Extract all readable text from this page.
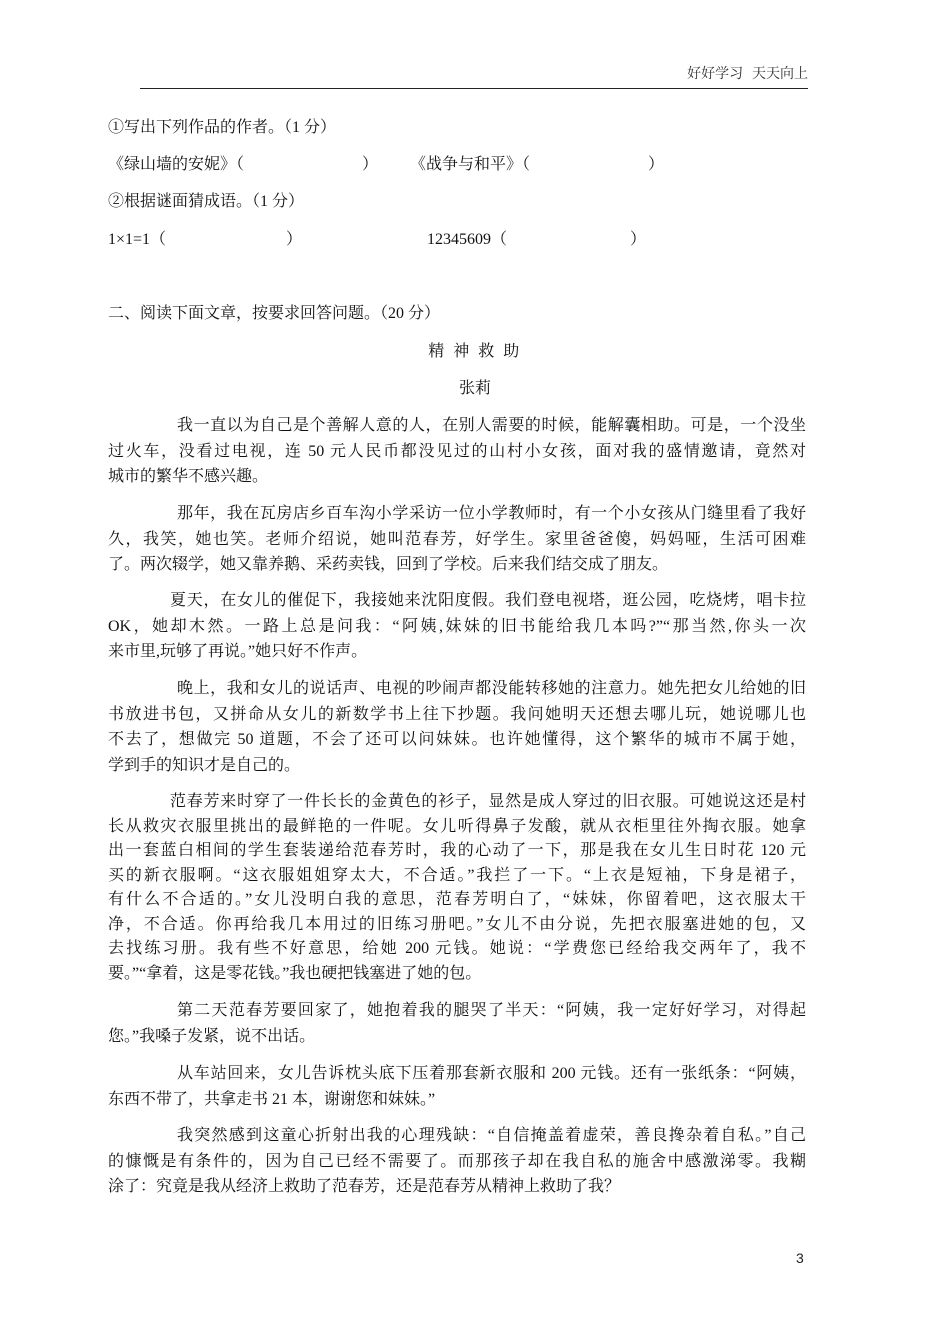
好好学习 天天向上
①写出下列作品的作者。（1 分）
《绿山墙的安妮》（	） 《战争与和平》（	）
②根据谜面猜成语。（1 分）
1×1=1（	）	12345609（	）
二、阅读下面文章，按要求回答问题。（20 分）
精 神 救 助
张莉
我一直以为自己是个善解人意的人，在别人需要的时候，能解囊相助。可是，一个没坐
过火车，没看过电视，连 50 元人民币都没见过的山村小女孩，面对我的盛情邀请，竟然对
城市的繁华不感兴趣。
那年，我在瓦房店乡百车沟小学采访一位小学教师时，有一个小女孩从门缝里看了我好
久，我笑，她也笑。老师介绍说，她叫范春芳，好学生。家里爸爸傻，妈妈哑，生活可困难
了。两次辍学，她又靠养鹅、采药卖钱，回到了学校。后来我们结交成了朋友。
夏天，在女儿的催促下，我接她来沈阳度假。我们登电视塔，逛公园，吃烧烤，唱卡拉
OK，她却木然。一路上总是问我：“阿姨,妹妹的旧书能给我几本吗?”“那当然,你头一次
来市里,玩够了再说。”她只好不作声。
晚上，我和女儿的说话声、电视的吵闹声都没能转移她的注意力。她先把女儿给她的旧
书放进书包，又拼命从女儿的新数学书上往下抄题。我问她明天还想去哪儿玩，她说哪儿也
不去了，想做完 50 道题，不会了还可以问妹妹。也许她懂得，这个繁华的城市不属于她，
学到手的知识才是自己的。
范春芳来时穿了一件长长的金黄色的衫子，显然是成人穿过的旧衣服。可她说这还是村
长从救灾衣服里挑出的最鲜艳的一件呢。女儿听得鼻子发酸，就从衣柜里往外掏衣服。她拿
出一套蓝白相间的学生套装递给范春芳时，我的心动了一下，那是我在女儿生日时花 120 元
买的新衣服啊。“这衣服姐姐穿太大，不合适。”我拦了一下。“上衣是短袖，下身是裙子，
有什么不合适的。”女儿没明白我的意思，范春芳明白了，“妹妹，你留着吧，这衣服太干
净，不合适。你再给我几本用过的旧练习册吧。”女儿不由分说，先把衣服塞进她的包，又
去找练习册。我有些不好意思，给她 200 元钱。她说：“学费您已经给我交两年了，我不
要。”“拿着，这是零花钱。”我也硬把钱塞进了她的包。
第二天范春芳要回家了，她抱着我的腿哭了半天：“阿姨，我一定好好学习，对得起
您。”我嗓子发紧，说不出话。
从车站回来，女儿告诉枕头底下压着那套新衣服和 200 元钱。还有一张纸条：“阿姨，
东西不带了，共拿走书 21 本，谢谢您和妹妹。”
我突然感到这童心折射出我的心理残缺：“自信掩盖着虚荣，善良搀杂着自私。”自己
的慷慨是有条件的，因为自己已经不需要了。而那孩子却在我自私的施舍中感激涕零。我糊
涂了：究竟是我从经济上救助了范春芳，还是范春芳从精神上救助了我？
3
